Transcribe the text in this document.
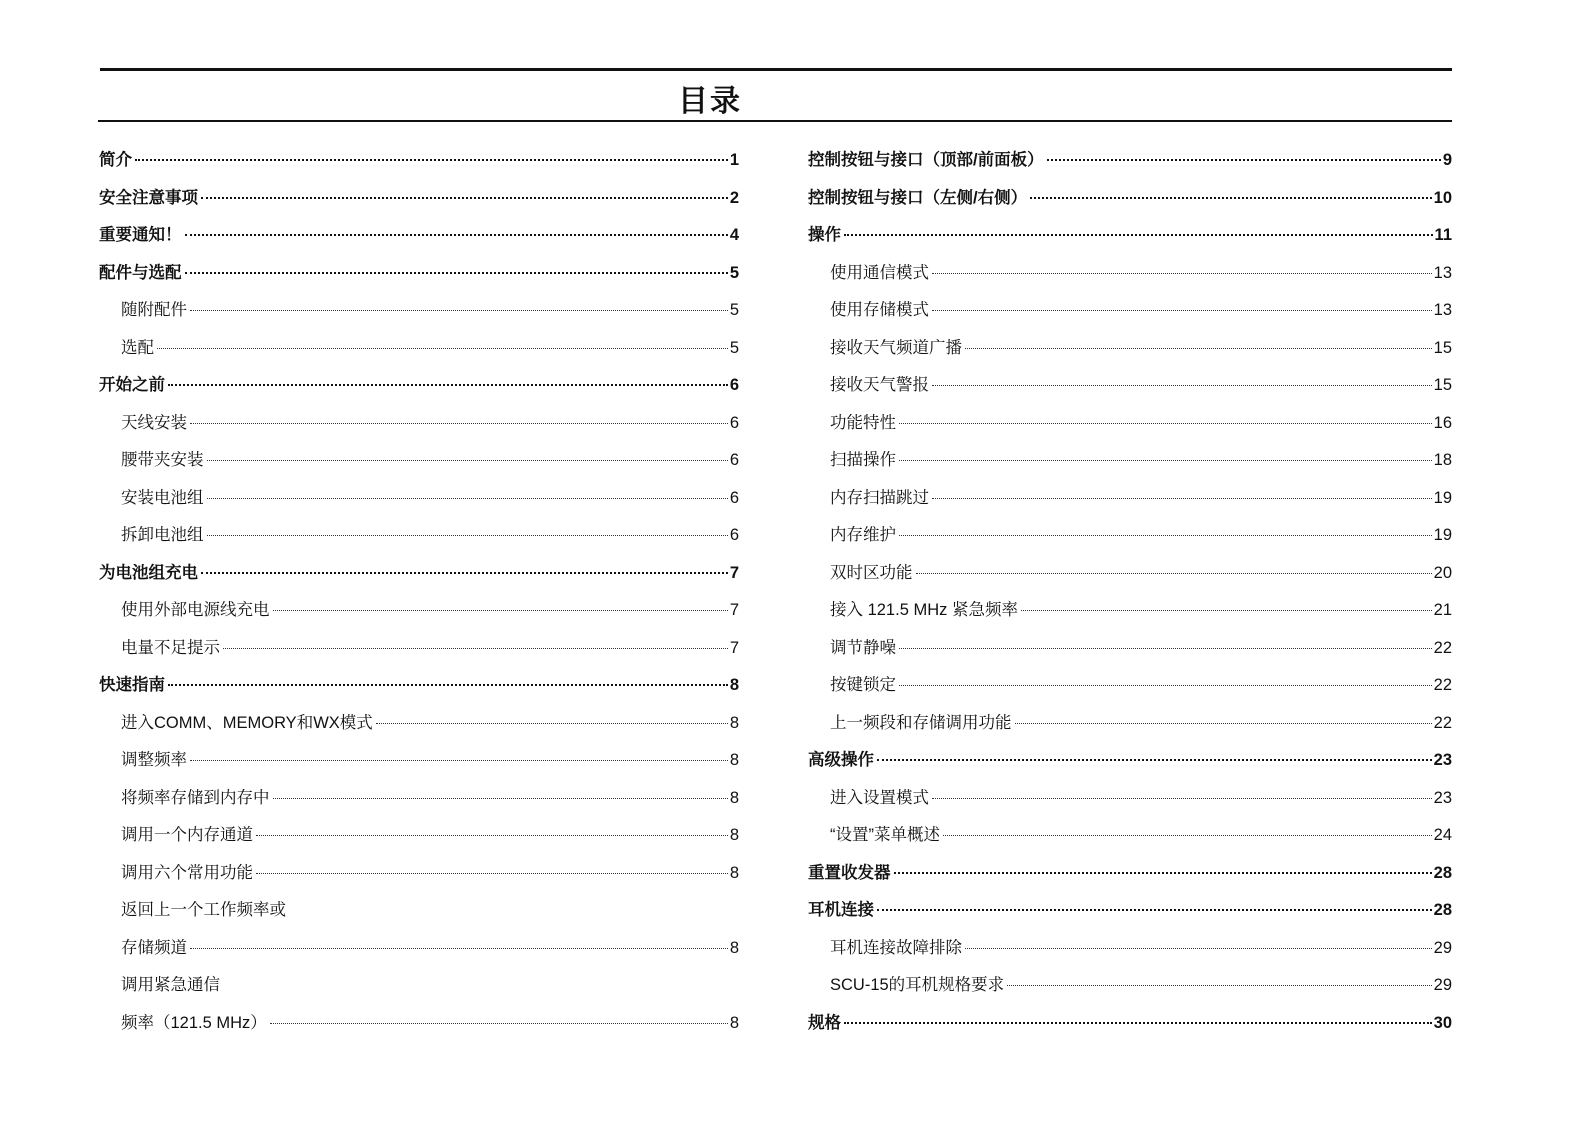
目录
简介	1
安全注意事项	2
重要通知！	4
配件与选配	5
随附配件	5
选配	5
开始之前	6
天线安装	6
腰带夹安装	6
安装电池组	6
拆卸电池组	6
为电池组充电	7
使用外部电源线充电	7
电量不足提示	7
快速指南	8
进入COMM、MEMORY和WX模式	8
调整频率	8
将频率存储到内存中	8
调用一个内存通道	8
调用六个常用功能	8
返回上一个工作频率或
存储频道	8
调用紧急通信
频率（121.5 MHz）	8
控制按钮与接口（顶部/前面板）	9
控制按钮与接口（左侧/右侧）	10
操作	11
使用通信模式	13
使用存储模式	13
接收天气频道广播	15
接收天气警报	15
功能特性	16
扫描操作	18
内存扫描跳过	19
内存维护	19
双时区功能	20
接入 121.5 MHz 紧急频率	21
调节静噪	22
按键锁定	22
上一频段和存储调用功能	22
高级操作	23
进入设置模式	23
“设置”菜单概述	24
重置收发器	28
耳机连接	28
耳机连接故障排除	29
SCU-15的耳机规格要求	29
规格	30
